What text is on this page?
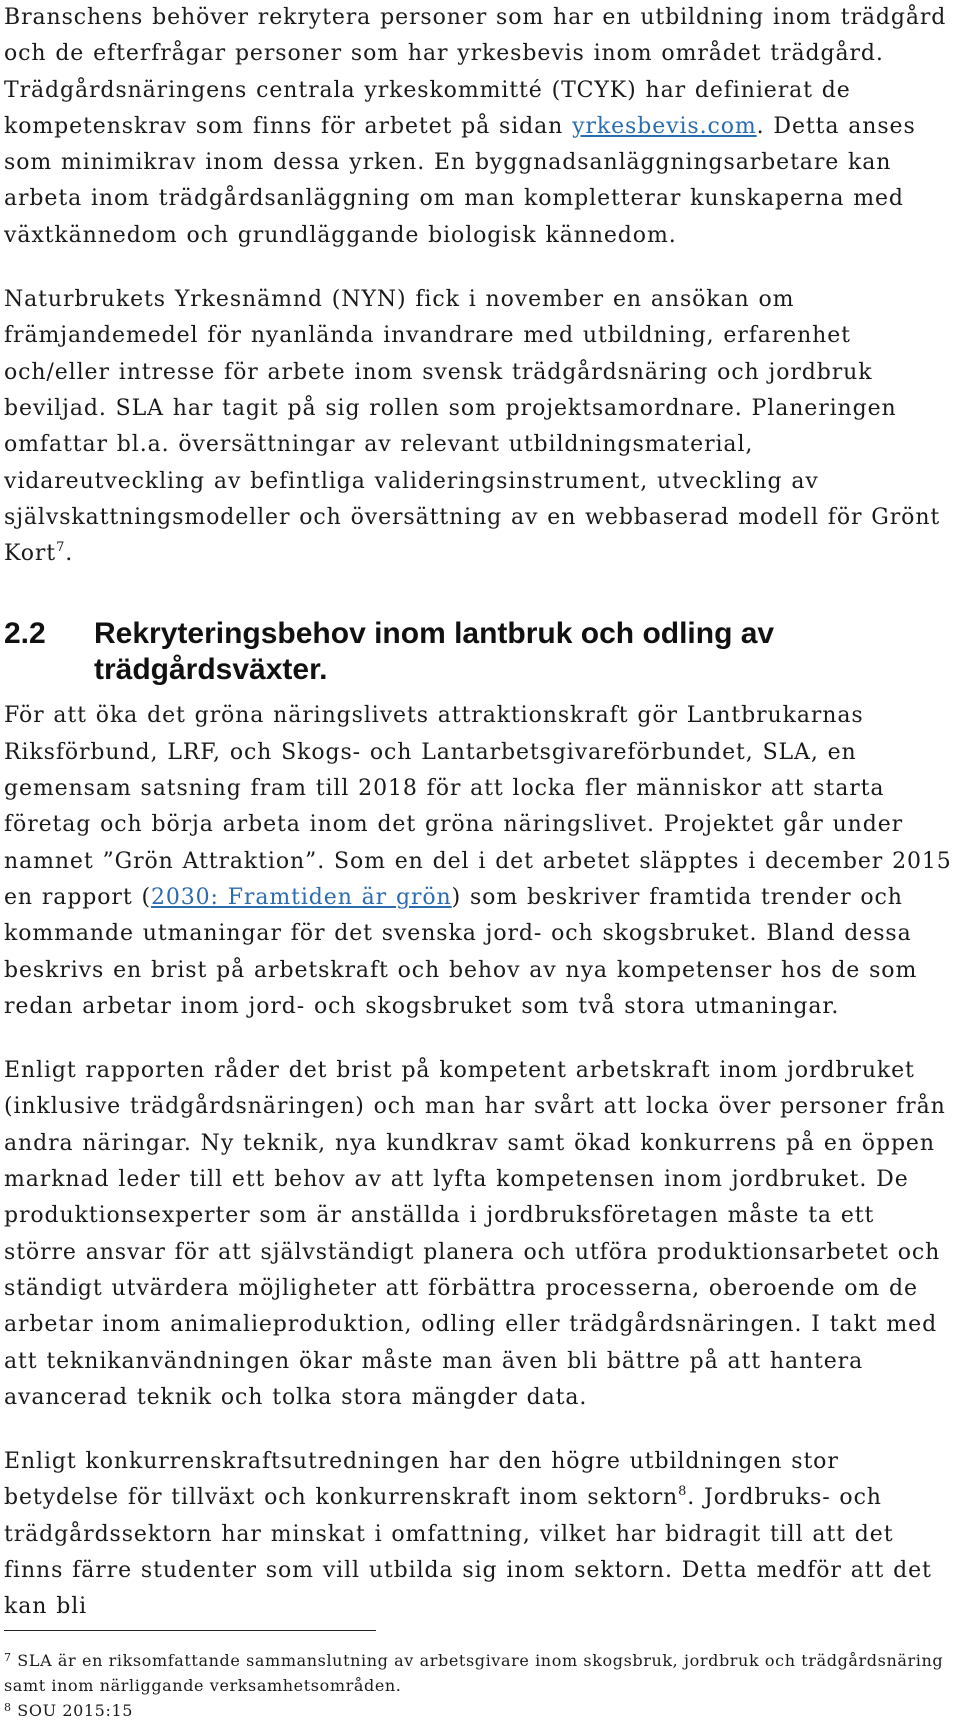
Branschens behöver rekrytera personer som har en utbildning inom trädgård och de efterfrågar personer som har yrkesbevis inom området trädgård. Trädgårdsnäringens centrala yrkeskommitté (TCYK) har definierat de kompetenskrav som finns för arbetet på sidan yrkesbevis.com. Detta anses som minimikrav inom dessa yrken. En byggnadsanläggningsarbetare kan arbeta inom trädgårdsanläggning om man kompletterar kunskaperna med växtkännedom och grundläggande biologisk kännedom.

Naturbrukets Yrkesnämnd (NYN) fick i november en ansökan om främjandemedel för nyanlända invandrare med utbildning, erfarenhet och/eller intresse för arbete inom svensk trädgårdsnäring och jordbruk beviljad. SLA har tagit på sig rollen som projektsamordnare. Planeringen omfattar bl.a. översättningar av relevant utbildningsmaterial, vidareutveckling av befintliga valideringsinstrument, utveckling av självskattningsmodeller och översättning av en webbaserad modell för Grönt Kort$^7$.

2.2	Rekryteringsbehov inom lantbruk och odling av trädgårdsväxter.

För att öka det gröna näringslivets attraktionskraft gör Lantbrukarnas Riksförbund, LRF, och Skogs- och Lantarbetsgivareförbundet, SLA, en gemensam satsning fram till 2018 för att locka fler människor att starta företag och börja arbeta inom det gröna näringslivet. Projektet går under namnet ”Grön Attraktion”. Som en del i det arbetet släpptes i december 2015 en rapport (2030: Framtiden är grön) som beskriver framtida trender och kommande utmaningar för det svenska jord- och skogsbruket. Bland dessa beskrivs en brist på arbetskraft och behov av nya kompetenser hos de som redan arbetar inom jord- och skogsbruket som två stora utmaningar.

Enligt rapporten råder det brist på kompetent arbetskraft inom jordbruket (inklusive trädgårdsnäringen) och man har svårt att locka över personer från andra näringar. Ny teknik, nya kundkrav samt ökad konkurrens på en öppen marknad leder till ett behov av att lyfta kompetensen inom jordbruket. De produktionsexperter som är anställda i jordbruksföretagen måste ta ett större ansvar för att självständigt planera och utföra produktionsarbetet och ständigt utvärdera möjligheter att förbättra processerna, oberoende om de arbetar inom animalieproduktion, odling eller trädgårdsnäringen. I takt med att teknikanvändningen ökar måste man även bli bättre på att hantera avancerad teknik och tolka stora mängder data.

Enligt konkurrenskraftsutredningen har den högre utbildningen stor betydelse för tillväxt och konkurrenskraft inom sektorn$^8$. Jordbruks- och trädgårdssektorn har minskat i omfattning, vilket har bidragit till att det finns färre studenter som vill utbilda sig inom sektorn. Detta medför att det kan bli

$^7$ SLA är en riksomfattande sammanslutning av arbetsgivare inom skogsbruk, jordbruk och trädgårdsnäring samt inom närliggande verksamhetsområden.

$^8$ SOU 2015:15
